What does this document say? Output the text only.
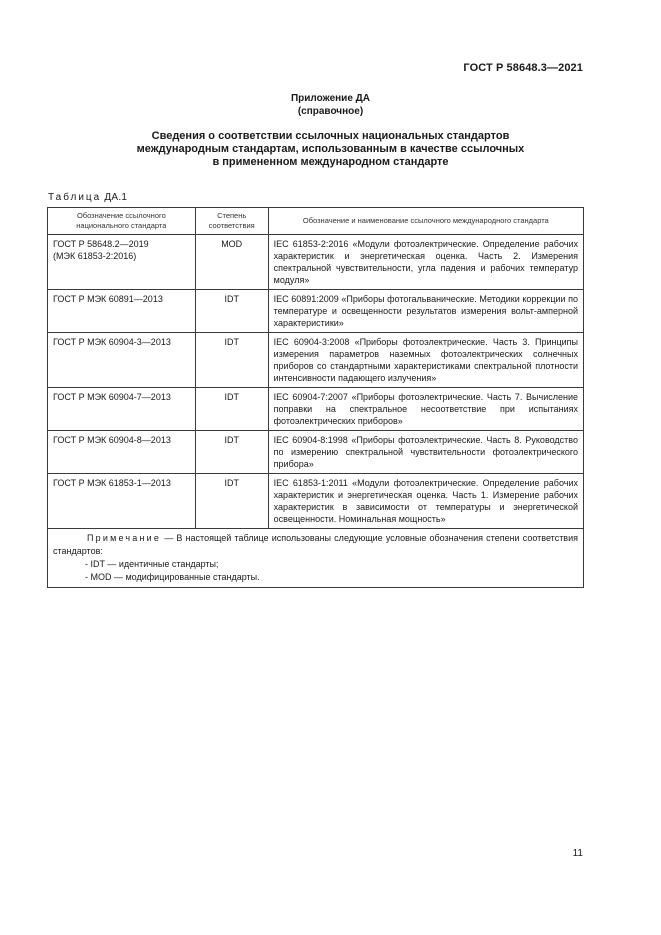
ГОСТ Р 58648.3—2021
Приложение ДА
(справочное)
Сведения о соответствии ссылочных национальных стандартов
международным стандартам, использованным в качестве ссылочных
в примененном международном стандарте
Таблица ДА.1
Обозначение ссылочного национального стандарта	Степень соответствия	Обозначение и наименование ссылочного международного стандарта
ГОСТ Р 58648.2—2019
(МЭК 61853-2:2016)	MOD	IEC 61853-2:2016 «Модули фотоэлектрические. Определение рабочих характеристик и энергетическая оценка. Часть 2. Измерения спектральной чувствительности, угла падения и рабочих температур модуля»
ГОСТ Р МЭК 60891—2013	IDT	IEC 60891:2009 «Приборы фотогальванические. Методики коррекции по температуре и освещенности результатов измерения вольт-амперной характеристики»
ГОСТ Р МЭК 60904-3—2013	IDT	IEC 60904-3:2008 «Приборы фотоэлектрические. Часть 3. Принципы измерения параметров наземных фотоэлектрических солнечных приборов со стандартными характеристиками спектральной плотности интенсивности падающего излучения»
ГОСТ Р МЭК 60904-7—2013	IDT	IEC 60904-7:2007 «Приборы фотоэлектрические. Часть 7. Вычисление поправки на спектральное несоответствие при испытаниях фотоэлектрических приборов»
ГОСТ Р МЭК 60904-8—2013	IDT	IEC 60904-8:1998 «Приборы фотоэлектрические. Часть 8. Руководство по измерению спектральной чувствительности фотоэлектрического прибора»
ГОСТ Р МЭК 61853-1—2013	IDT	IEC 61853-1:2011 «Модули фотоэлектрические. Определение рабочих характеристик и энергетическая оценка. Часть 1. Измерение рабочих характеристик в зависимости от температуры и энергетической освещенности. Номинальная мощность»

Примечание — В настоящей таблице использованы следующие условные обозначения степени соответствия стандартов:
- IDT — идентичные стандарты;
- MOD — модифицированные стандарты.		
11
